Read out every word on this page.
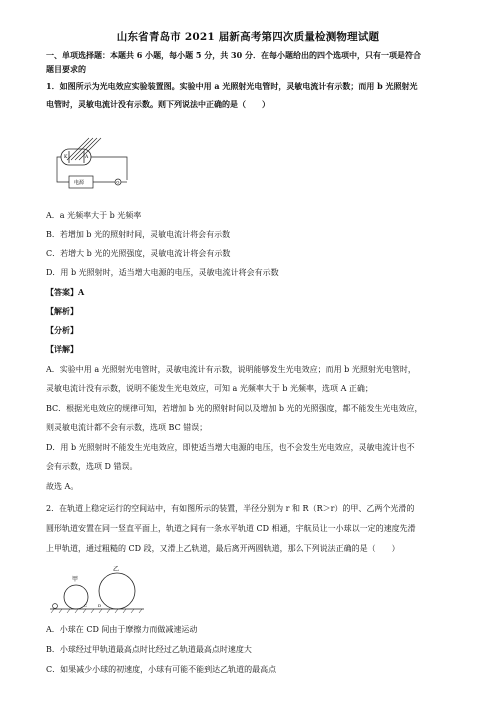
山东省青岛市 2021 届新高考第四次质量检测物理试题
一、单项选择题：本题共 6 小题，每小题 5 分，共 30 分．在每小题给出的四个选项中，只有一项是符合
题目要求的
1．如图所示为光电效应实验装置图。实验中用 a 光照射光电管时，灵敏电流计有示数；而用 b 光照射光
电管时，灵敏电流计没有示数。则下列说法中正确的是（　　）
K	A
G
电源
A．a 光频率大于 b 光频率
B．若增加 b 光的照射时间，灵敏电流计将会有示数
C．若增大 b 光的光照强度，灵敏电流计将会有示数
D．用 b 光照射时，适当增大电源的电压，灵敏电流计将会有示数
【答案】A
【解析】
【分析】
【详解】
A．实验中用 a 光照射光电管时，灵敏电流计有示数，说明能够发生光电效应；而用 b 光照射光电管时，
灵敏电流计没有示数，说明不能发生光电效应，可知 a 光频率大于 b 光频率，选项 A 正确；
BC．根据光电效应的规律可知，若增加 b 光的照射时间以及增加 b 光的光照强度，都不能发生光电效应，
则灵敏电流计都不会有示数，选项 BC 错误；
D．用 b 光照射时不能发生光电效应，即使适当增大电源的电压，也不会发生光电效应，灵敏电流计也不
会有示数，选项 D 错误。
故选 A。
2．在轨道上稳定运行的空间站中，有如图所示的装置，半径分别为 r 和 R（R＞r）的甲、乙两个光滑的
圆形轨道安置在同一竖直平面上，轨道之间有一条水平轨道 CD 相通，宇航员让一小球以一定的速度先滑
上甲轨道，通过粗糙的 CD 段，又滑上乙轨道，最后离开两圆轨道，那么下列说法正确的是（　　）
甲
乙
C	D
A．小球在 CD 间由于摩擦力而做减速运动
B．小球经过甲轨道最高点时比经过乙轨道最高点时速度大
C．如果减少小球的初速度，小球有可能不能到达乙轨道的最高点
